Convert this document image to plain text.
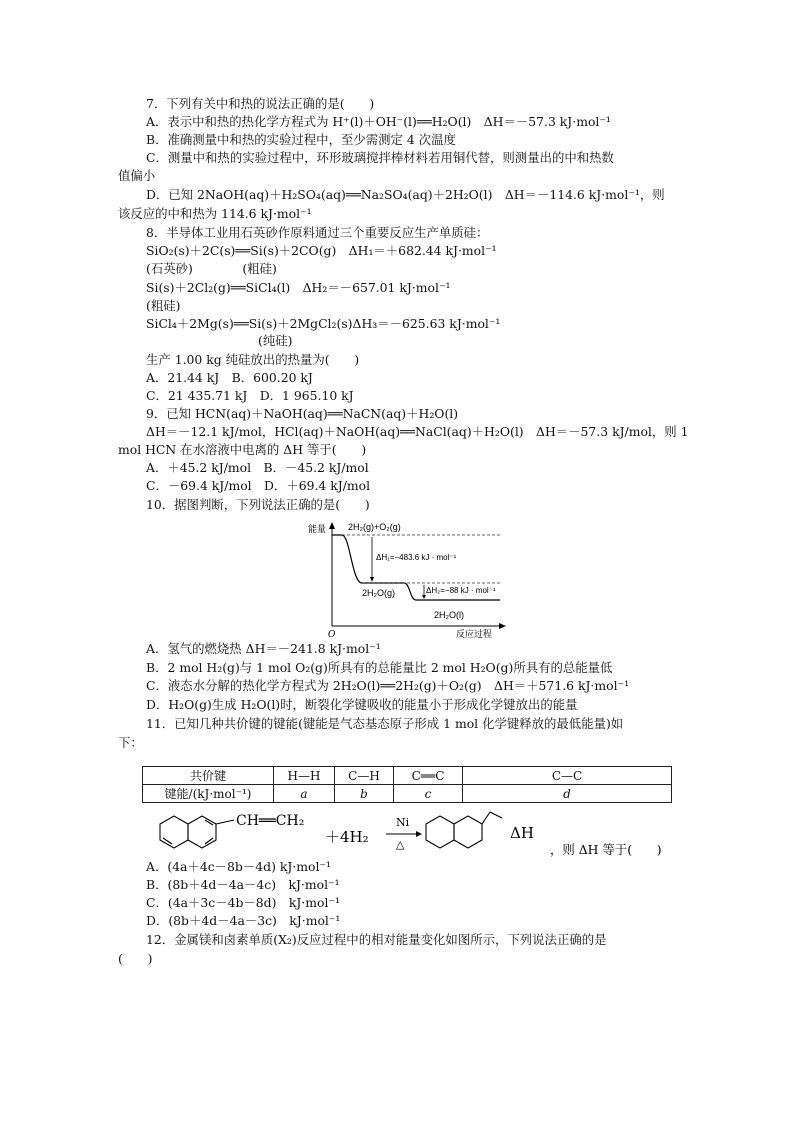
7．下列有关中和热的说法正确的是(　　)
A．表示中和热的热化学方程式为 H⁺(l)＋OH⁻(l)══H₂O(l)　ΔH＝－57.3 kJ·mol⁻¹
B．准确测量中和热的实验过程中，至少需测定 4 次温度
C．测量中和热的实验过程中，环形玻璃搅拌棒材料若用铜代替，则测量出的中和热数
值偏小
D．已知 2NaOH(aq)＋H₂SO₄(aq)══Na₂SO₄(aq)＋2H₂O(l)　ΔH＝－114.6 kJ·mol⁻¹，则
该反应的中和热为 114.6 kJ·mol⁻¹
8．半导体工业用石英砂作原料通过三个重要反应生产单质硅：
SiO₂(s)＋2C(s)══Si(s)＋2CO(g)　ΔH₁＝＋682.44 kJ·mol⁻¹
(石英砂)　　　　(粗硅)
Si(s)＋2Cl₂(g)══SiCl₄(l)　ΔH₂＝－657.01 kJ·mol⁻¹
(粗硅)
SiCl₄＋2Mg(s)══Si(s)＋2MgCl₂(s)ΔH₃＝－625.63 kJ·mol⁻¹
(纯硅)
生产 1.00 kg 纯硅放出的热量为(　　)
A．21.44 kJ　B．600.20 kJ
C．21 435.71 kJ　D．1 965.10 kJ
9．已知 HCN(aq)＋NaOH(aq)══NaCN(aq)＋H₂O(l)
ΔH＝－12.1 kJ/mol，HCl(aq)＋NaOH(aq)══NaCl(aq)＋H₂O(l)　ΔH＝－57.3 kJ/mol，则 1
mol HCN 在水溶液中电离的 ΔH 等于(　　)
A．＋45.2 kJ/mol　B．－45.2 kJ/mol
C．－69.4 kJ/mol　D．＋69.4 kJ/mol
10．据图判断，下列说法正确的是(　　)
能量
O	反应过程
2H₂(g)+O₂(g)
ΔH₁=−483.6 kJ · mol⁻¹
2H₂O(g)	ΔH₂=−88 kJ · mol⁻¹
2H₂O(l)
A．氢气的燃烧热 ΔH＝－241.8 kJ·mol⁻¹
B．2 mol H₂(g)与 1 mol O₂(g)所具有的总能量比 2 mol H₂O(g)所具有的总能量低
C．液态水分解的热化学方程式为 2H₂O(l)══2H₂(g)＋O₂(g)　ΔH＝＋571.6 kJ·mol⁻¹
D．H₂O(g)生成 H₂O(l)时，断裂化学键吸收的能量小于形成化学键放出的能量
11．已知几种共价键的键能(键能是气态基态原子形成 1 mol 化学键释放的最低能量)如
下：
共价键	H—H	C—H	C══C	C—C
键能/(kJ·mol⁻¹)	a	b	c	d
CH══CH₂
＋4H₂
Ni
△
ΔH
，则 ΔH 等于(　　)
A．(4a＋4c－8b－4d) kJ·mol⁻¹
B．(8b＋4d－4a－4c)　kJ·mol⁻¹
C．(4a＋3c－4b－8d)　kJ·mol⁻¹
D．(8b＋4d－4a－3c)　kJ·mol⁻¹
12．金属镁和卤素单质(X₂)反应过程中的相对能量变化如图所示，下列说法正确的是
(　　)
